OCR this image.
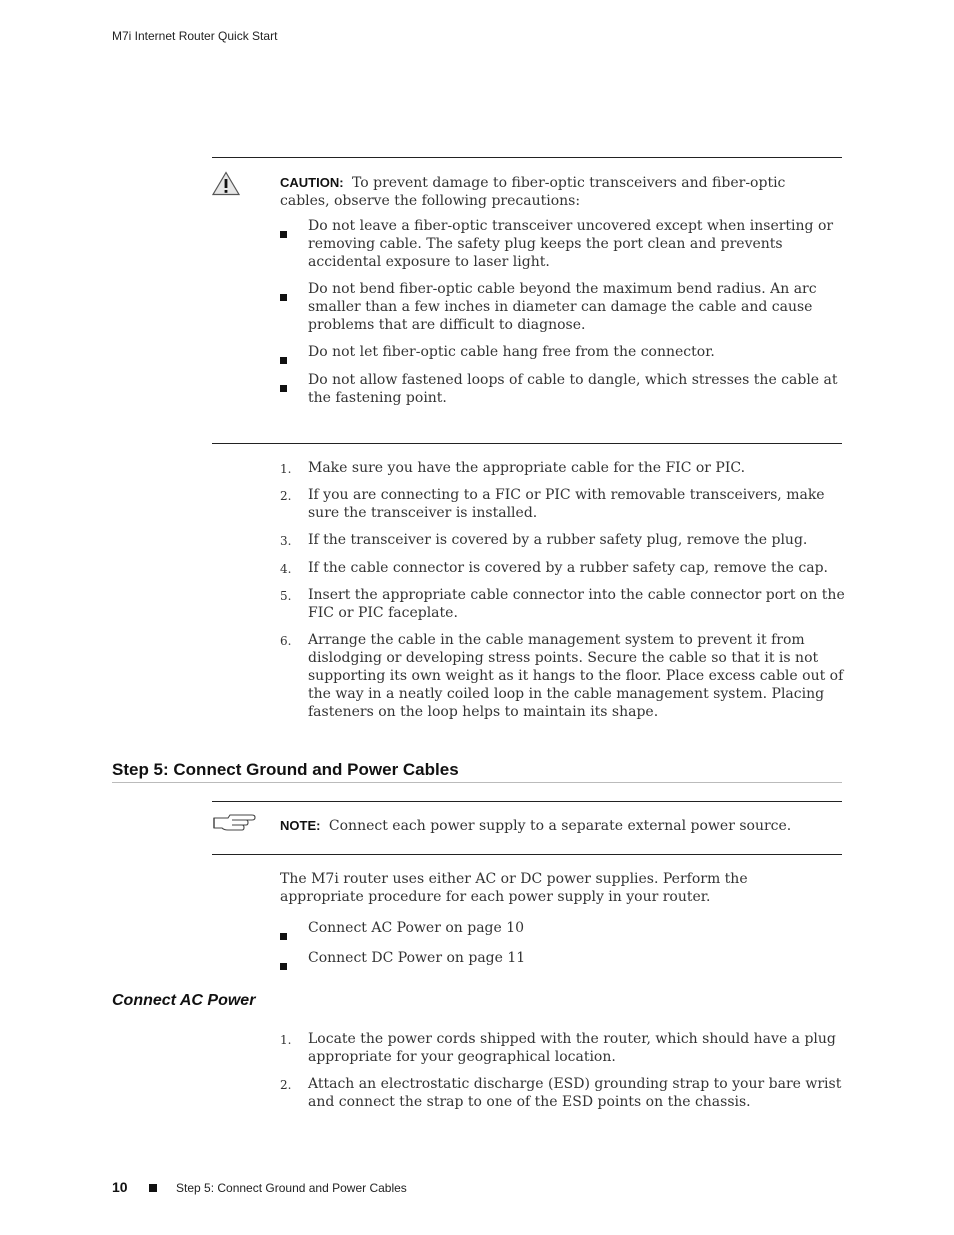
M7i Internet Router Quick Start
CAUTION: To prevent damage to fiber-optic transceivers and fiber-optic cables, observe the following precautions:
Do not leave a fiber-optic transceiver uncovered except when inserting or removing cable. The safety plug keeps the port clean and prevents accidental exposure to laser light.
Do not bend fiber-optic cable beyond the maximum bend radius. An arc smaller than a few inches in diameter can damage the cable and cause problems that are difficult to diagnose.
Do not let fiber-optic cable hang free from the connector.
Do not allow fastened loops of cable to dangle, which stresses the cable at the fastening point.
1. Make sure you have the appropriate cable for the FIC or PIC.
2. If you are connecting to a FIC or PIC with removable transceivers, make sure the transceiver is installed.
3. If the transceiver is covered by a rubber safety plug, remove the plug.
4. If the cable connector is covered by a rubber safety cap, remove the cap.
5. Insert the appropriate cable connector into the cable connector port on the FIC or PIC faceplate.
6. Arrange the cable in the cable management system to prevent it from dislodging or developing stress points. Secure the cable so that it is not supporting its own weight as it hangs to the floor. Place excess cable out of the way in a neatly coiled loop in the cable management system. Placing fasteners on the loop helps to maintain its shape.
Step 5: Connect Ground and Power Cables
NOTE: Connect each power supply to a separate external power source.
The M7i router uses either AC or DC power supplies. Perform the appropriate procedure for each power supply in your router.
Connect AC Power on page 10
Connect DC Power on page 11
Connect AC Power
1. Locate the power cords shipped with the router, which should have a plug appropriate for your geographical location.
2. Attach an electrostatic discharge (ESD) grounding strap to your bare wrist and connect the strap to one of the ESD points on the chassis.
10	Step 5: Connect Ground and Power Cables
